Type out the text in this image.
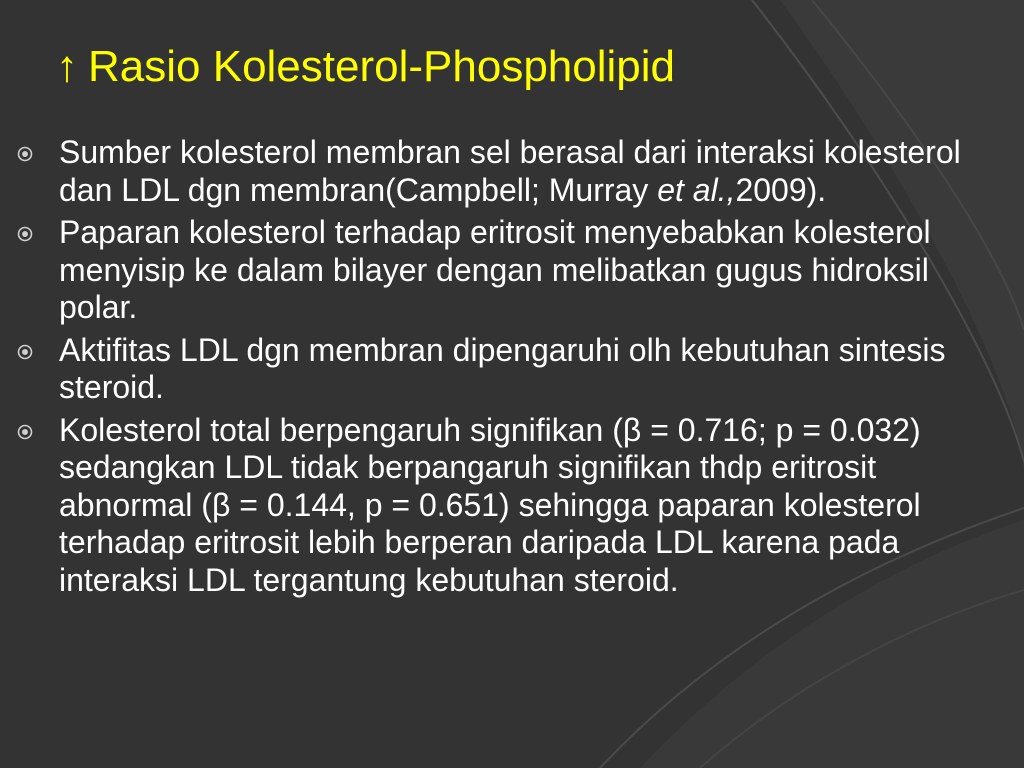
↑ Rasio Kolesterol-Phospholipid
Sumber kolesterol membran sel berasal dari interaksi kolesterol dan LDL dgn membran(Campbell; Murray et al.,2009).
Paparan kolesterol terhadap eritrosit menyebabkan kolesterol menyisip ke dalam bilayer dengan melibatkan gugus hidroksil polar.
Aktifitas LDL dgn membran dipengaruhi olh kebutuhan sintesis steroid.
Kolesterol total berpengaruh signifikan (β = 0.716; p = 0.032) sedangkan LDL tidak berpangaruh signifikan thdp eritrosit abnormal (β = 0.144, p = 0.651) sehingga paparan kolesterol terhadap eritrosit lebih berperan daripada LDL karena pada interaksi LDL tergantung kebutuhan steroid.
